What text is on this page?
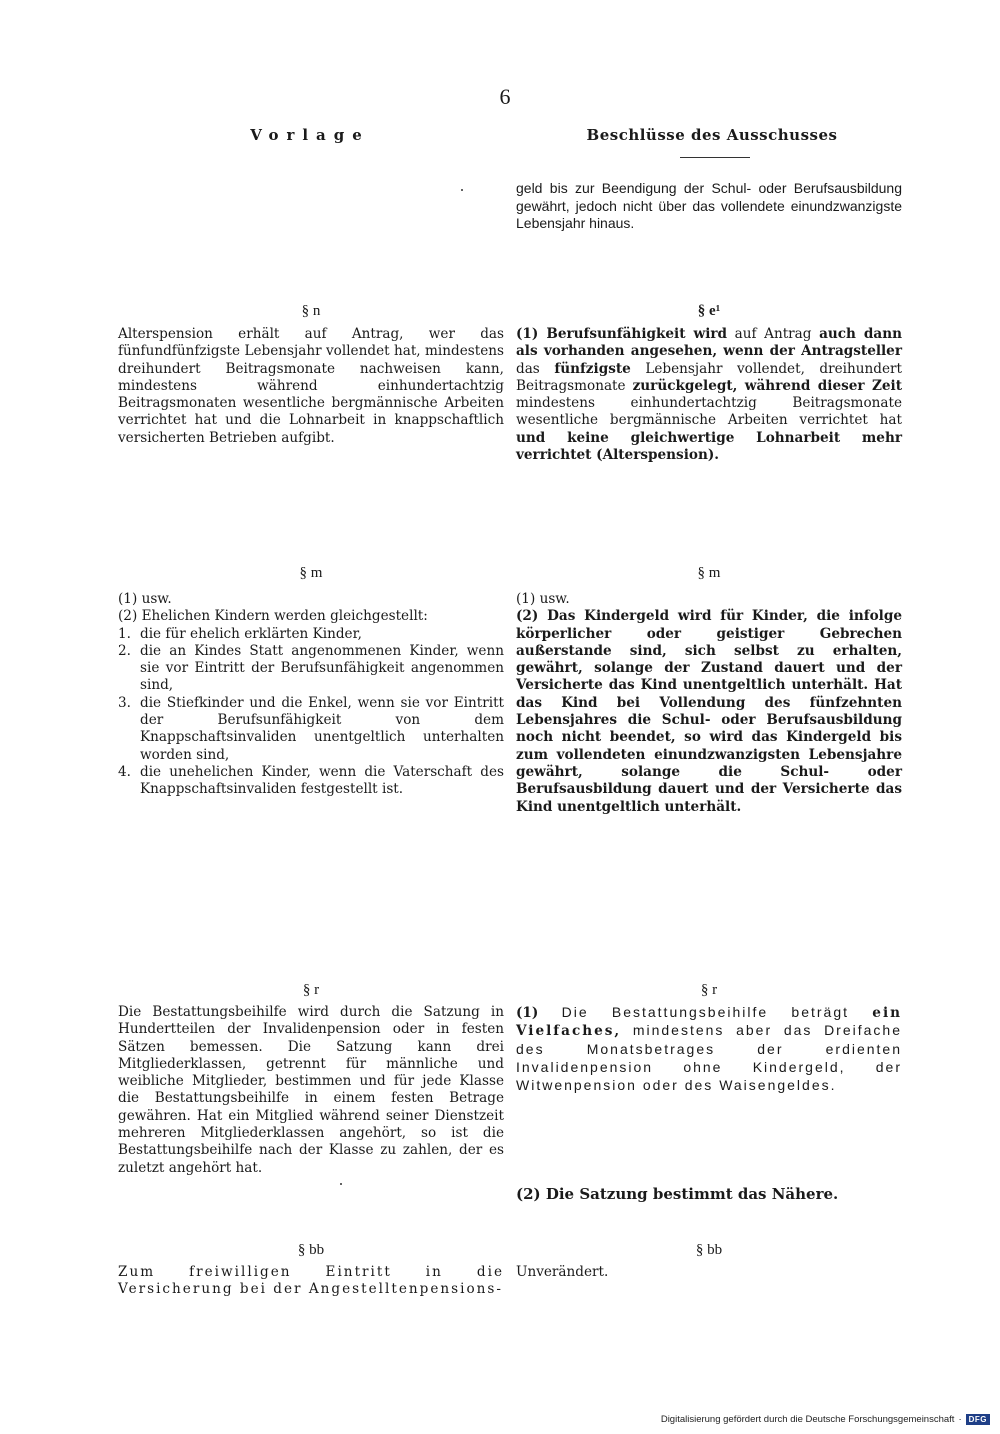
6
Vorlage	Beschlüsse des Ausschusses

geld bis zur Beendigung der Schul- oder Berufsausbildung gewährt, jedoch nicht über das vollendete einundzwanzigste Lebensjahr hinaus.

§ n	§ e¹

Alterspension erhält auf Antrag, wer das fünfundfünfzigste Lebensjahr vollendet hat, mindestens dreihundert Beitragsmonate nachweisen kann, mindestens während einhundertachtzig Beitragsmonaten wesentliche bergmännische Arbeiten verrichtet hat und die Lohnarbeit in knappschaftlich versicherten Betrieben aufgibt.

(1) Berufsunfähigkeit wird auf Antrag auch dann als vorhanden angesehen, wenn der Antragsteller das fünfzigste Lebensjahr vollendet, dreihundert Beitragsmonate zurückgelegt, während dieser Zeit mindestens einhundertachtzig Beitragsmonate wesentliche bergmännische Arbeiten verrichtet hat und keine gleichwertige Lohnarbeit mehr verrichtet (Alterspension).

§ m	§ m

(1) usw.

(2) Ehelichen Kindern werden gleichgestellt:

1. die für ehelich erklärten Kinder,
2. die an Kindes Statt angenommenen Kinder, wenn sie vor Eintritt der Berufsunfähigkeit angenommen sind,
3. die Stiefkinder und die Enkel, wenn sie vor Eintritt der Berufsunfähigkeit von dem Knappschaftsinvaliden unentgeltlich unterhalten worden sind,
4. die unehelichen Kinder, wenn die Vaterschaft des Knappschaftsinvaliden festgestellt ist.

(1) usw.

(2) Das Kindergeld wird für Kinder, die infolge körperlicher oder geistiger Gebrechen außerstande sind, sich selbst zu erhalten, gewährt, solange der Zustand dauert und der Versicherte das Kind unentgeltlich unterhält. Hat das Kind bei Vollendung des fünfzehnten Lebensjahres die Schul- oder Berufsausbildung noch nicht beendet, so wird das Kindergeld bis zum vollendeten einundzwanzigsten Lebensjahre gewährt, solange die Schul- oder Berufsausbildung dauert und der Versicherte das Kind unentgeltlich unterhält.

§ r	§ r

Die Bestattungsbeihilfe wird durch die Satzung in Hundertteilen der Invalidenpension oder in festen Sätzen bemessen. Die Satzung kann drei Mitgliederklassen, getrennt für männliche und weibliche Mitglieder, bestimmen und für jede Klasse die Bestattungsbeihilfe in einem festen Betrage gewähren. Hat ein Mitglied während seiner Dienstzeit mehreren Mitgliederklassen angehört, so ist die Bestattungsbeihilfe nach der Klasse zu zahlen, der es zuletzt angehört hat.

(1) Die Bestattungsbeihilfe beträgt ein Vielfaches, mindestens aber das Dreifache des Monatsbetrages der erdienten Invalidenpension ohne Kindergeld, der Witwenpension oder des Waisengeldes.

(2) Die Satzung bestimmt das Nähere.

§ bb	§ bb

Zum freiwilligen Eintritt in die Versicherung bei der Angestelltenpensions-

Unverändert.

Digitalisierung gefördert durch die Deutsche Forschungsgemeinschaft · DFG
